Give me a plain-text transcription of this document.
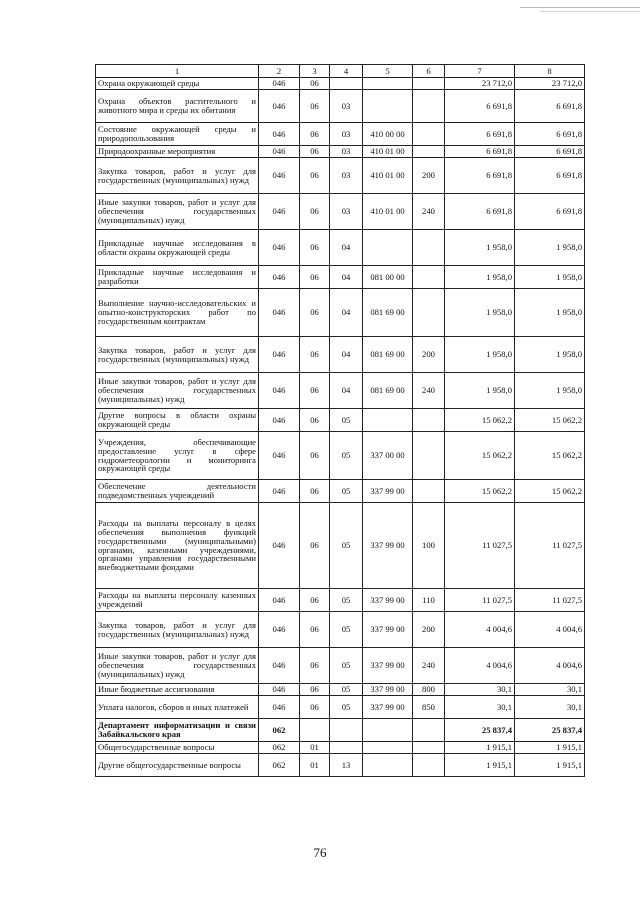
1	2	3	4	5	6	7	8
Охрана окружающей среды	046	06				23 712,0	23 712,0
Охрана объектов растительного и животного мира и среды их обитания	046	06	03			6 691,8	6 691,8
Состояние окружающей среды и природопользования	046	06	03	410 00 00		6 691,8	6 691,8
Природоохранные мероприятия	046	06	03	410 01 00		6 691,8	6 691,8
Закупка товаров, работ и услуг для государственных (муниципальных) нужд	046	06	03	410 01 00	200	6 691,8	6 691,8
Иные закупки товаров, работ и услуг для обеспечения государственных (муниципальных) нужд	046	06	03	410 01 00	240	6 691,8	6 691,8
Прикладные научные исследования в области охраны окружающей среды	046	06	04			1 958,0	1 958,0
Прикладные научные исследования и разработки	046	06	04	081 00 00		1 958,0	1 958,0
Выполнение научно-исследовательских и опытно-конструкторских работ по государственным контрактам	046	06	04	081 69 00		1 958,0	1 958,0
Закупка товаров, работ и услуг для государственных (муниципальных) нужд	046	06	04	081 69 00	200	1 958,0	1 958,0
Иные закупки товаров, работ и услуг для обеспечения государственных (муниципальных) нужд	046	06	04	081 69 00	240	1 958,0	1 958,0
Другие вопросы в области охраны окружающей среды	046	06	05			15 062,2	15 062,2
Учреждения, обеспечивающие предоставление услуг в сфере гидрометеорологии и мониторинга окружающей среды	046	06	05	337 00 00		15 062,2	15 062,2
Обеспечение деятельности подведомственных учреждений	046	06	05	337 99 00		15 062,2	15 062,2
Расходы на выплаты персоналу в целях обеспечения выполнения функций государственными (муниципальными) органами, казенными учреждениями, органами управления государственными внебюджетными фондами	046	06	05	337 99 00	100	11 027,5	11 027,5
Расходы на выплаты персоналу казенных учреждений	046	06	05	337 99 00	110	11 027,5	11 027,5
Закупка товаров, работ и услуг для государственных (муниципальных) нужд	046	06	05	337 99 00	200	4 004,6	4 004,6
Иные закупки товаров, работ и услуг для обеспечения государственных (муниципальных) нужд	046	06	05	337 99 00	240	4 004,6	4 004,6
Иные бюджетные ассигнования	046	06	05	337 99 00	800	30,1	30,1
Уплата налогов, сборов и иных платежей	046	06	05	337 99 00	850	30,1	30,1
Департамент информатизации и связи Забайкальского края	062					25 837,4	25 837,4
Общегосударственные вопросы	062	01				1 915,1	1 915,1
Другие общегосударственные вопросы	062	01	13			1 915,1	1 915,1
76
